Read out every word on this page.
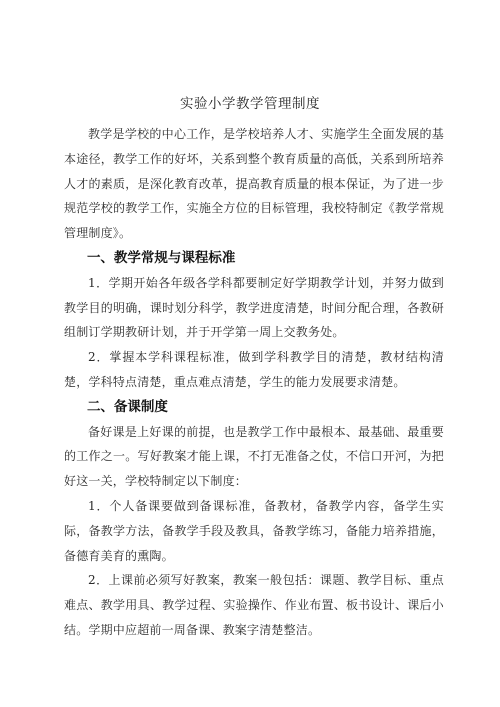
实验小学教学管理制度

教学是学校的中心工作，是学校培养人才、实施学生全面发展的基本途径，教学工作的好坏，关系到整个教育质量的高低，关系到所培养人才的素质，是深化教育改革，提高教育质量的根本保证，为了进一步规范学校的教学工作，实施全方位的目标管理，我校特制定《教学常规管理制度》。

一、教学常规与课程标准

1．学期开始各年级各学科都要制定好学期教学计划，并努力做到教学目的明确，课时划分科学，教学进度清楚，时间分配合理，各教研组制订学期教研计划，并于开学第一周上交教务处。

2．掌握本学科课程标准，做到学科教学目的清楚，教材结构清楚，学科特点清楚，重点难点清楚，学生的能力发展要求清楚。

二、备课制度

备好课是上好课的前提，也是教学工作中最根本、最基础、最重要的工作之一。写好教案才能上课，不打无准备之仗，不信口开河，为把好这一关，学校特制定以下制度：

1．个人备课要做到备课标准，备教材，备教学内容，备学生实际，备教学方法，备教学手段及教具，备教学练习，备能力培养措施，备德育美育的熏陶。

2．上课前必须写好教案，教案一般包括：课题、教学目标、重点难点、教学用具、教学过程、实验操作、作业布置、板书设计、课后小结。学期中应超前一周备课、教案字清楚整洁。
